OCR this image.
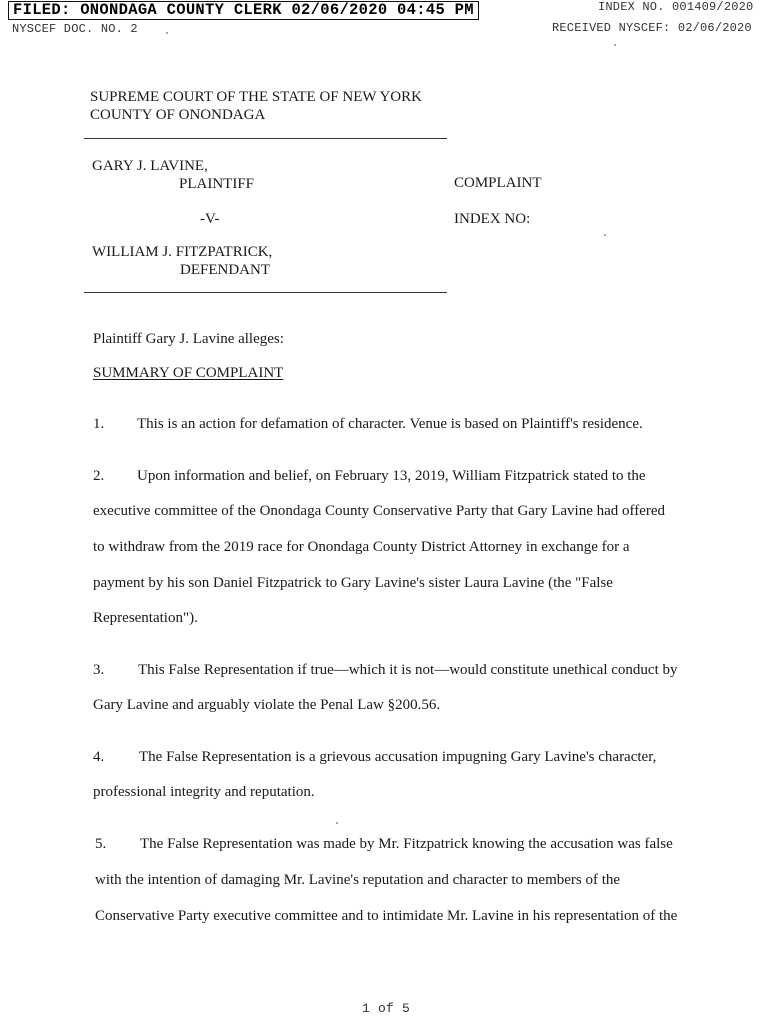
FILED: ONONDAGA COUNTY CLERK 02/06/2020 04:45 PM	INDEX NO. 001409/2020
NYSCEF DOC. NO. 2	RECEIVED NYSCEF: 02/06/2020
SUPREME COURT OF THE STATE OF NEW YORK
COUNTY OF ONONDAGA
GARY J. LAVINE,
PLAINTIFF	COMPLAINT
-V-	INDEX NO:
WILLIAM J. FITZPATRICK,
DEFENDANT
Plaintiff Gary J. Lavine alleges:
SUMMARY OF COMPLAINT
1. This is an action for defamation of character. Venue is based on Plaintiff's residence.
2. Upon information and belief, on February 13, 2019, William Fitzpatrick stated to the
executive committee of the Onondaga County Conservative Party that Gary Lavine had offered
to withdraw from the 2019 race for Onondaga County District Attorney in exchange for a
payment by his son Daniel Fitzpatrick to Gary Lavine's sister Laura Lavine (the "False
Representation").
3. This False Representation if true—which it is not—would constitute unethical conduct by
Gary Lavine and arguably violate the Penal Law §200.56.
4. The False Representation is a grievous accusation impugning Gary Lavine's character,
professional integrity and reputation.
5. The False Representation was made by Mr. Fitzpatrick knowing the accusation was false
with the intention of damaging Mr. Lavine's reputation and character to members of the
Conservative Party executive committee and to intimidate Mr. Lavine in his representation of the
1 of 5
